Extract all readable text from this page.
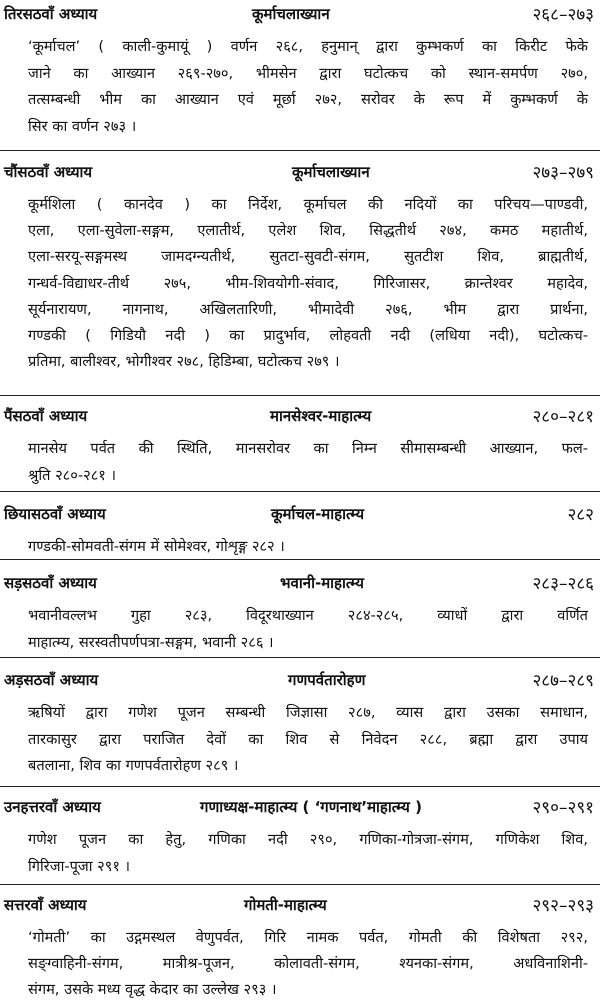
तिरसठवाँ अध्याय	कूर्माचलाख्यान	२६८–२७३
‘कूर्माचल’ ( काली-कुमायूं ) वर्णन २६८, हनुमान् द्वारा कुम्भकर्ण का किरीट फेके
जाने का आख्यान २६९-२७०, भीमसेन द्वारा घटोत्कच को स्थान-समर्पण २७०,
तत्सम्बन्धी भीम का आख्यान एवं मूर्छा २७२, सरोवर के रूप में कुम्भकर्ण के
सिर का वर्णन २७३ ।
चौंसठवाँ अध्याय	कूर्माचलाख्यान	२७३–२७९
कूर्मशिला ( कानदेव ) का निर्देश, कूर्माचल की नदियों का परिचय—पाण्डवी,
एला, एला-सुवेला-सङ्गम, एलातीर्थ, एलेश शिव, सिद्धतीर्थ २७४, कमठ महातीर्थ,
एला-सरयू-सङ्गमस्थ जामदग्न्यतीर्थ, सुतटा-सुवटी-संगम, सुतटीश शिव, ब्राह्मतीर्थ,
गन्धर्व-विद्याधर-तीर्थ २७५, भीम-शिवयोगी-संवाद, गिरिजासर, क्रान्तेश्वर महादेव,
सूर्यनारायण, नागनाथ, अखिलतारिणी, भीमादेवी २७६, भीम द्वारा प्रार्थना,
गण्डकी ( गिडियौ नदी ) का प्रादुर्भाव, लोहवती नदी (लधिया नदी), घटोत्कच-
प्रतिमा, बालीश्वर, भोगीश्वर २७८, हिडिम्बा, घटोत्कच २७९ ।
पैंसठवाँ अध्याय	मानसेश्वर-माहात्म्य	२८०–२८१
मानसेय पर्वत की स्थिति, मानसरोवर का निम्न सीमासम्बन्धी आख्यान, फल-
श्रुति २८०-२८१ ।
छियासठवाँ अध्याय	कूर्माचल-माहात्म्य	२८२
गण्डकी-सोमवती-संगम में सोमेश्वर, गोशृङ्ग २८२ ।
सड़सठवाँ अध्याय	भवानी-माहात्म्य	२८३–२८६
भवानीवल्लभ गुहा २८३, विदूरथाख्यान २८४-२८५, व्याधों द्वारा वर्णित
माहात्म्य, सरस्वतीपर्णपत्रा-सङ्गम, भवानी २८६ ।
अड़सठवाँ अध्याय	गणपर्वतारोहण	२८७–२८९
ऋषियों द्वारा गणेश पूजन सम्बन्धी जिज्ञासा २८७, व्यास द्वारा उसका समाधान,
तारकासुर द्वारा पराजित देवों का शिव से निवेदन २८८, ब्रह्मा द्वारा उपाय
बतलाना, शिव का गणपर्वतारोहण २८९ ।
उनहत्तरवाँ अध्याय	गणाध्यक्ष-माहात्म्य ( ‘गणनाथ’माहात्म्य )	२९०–२९१
गणेश पूजन का हेतु, गणिका नदी २९०, गणिका-गोत्रजा-संगम, गणिकेश शिव,
गिरिजा-पूजा २९१ ।
सत्तरवाँ अध्याय	गोमती-माहात्म्य	२९२–२९३
‘गोमती’ का उद्गमस्थल वेणुपर्वत, गिरि नामक पर्वत, गोमती की विशेषता २९२,
सङ्ग्वाहिनी-संगम, मात्रीश्र-पूजन, कोलावती-संगम, श्यनका-संगम, अधविनाशिनी-
संगम, उसके मध्य वृद्ध केदार का उल्लेख २९३ ।
